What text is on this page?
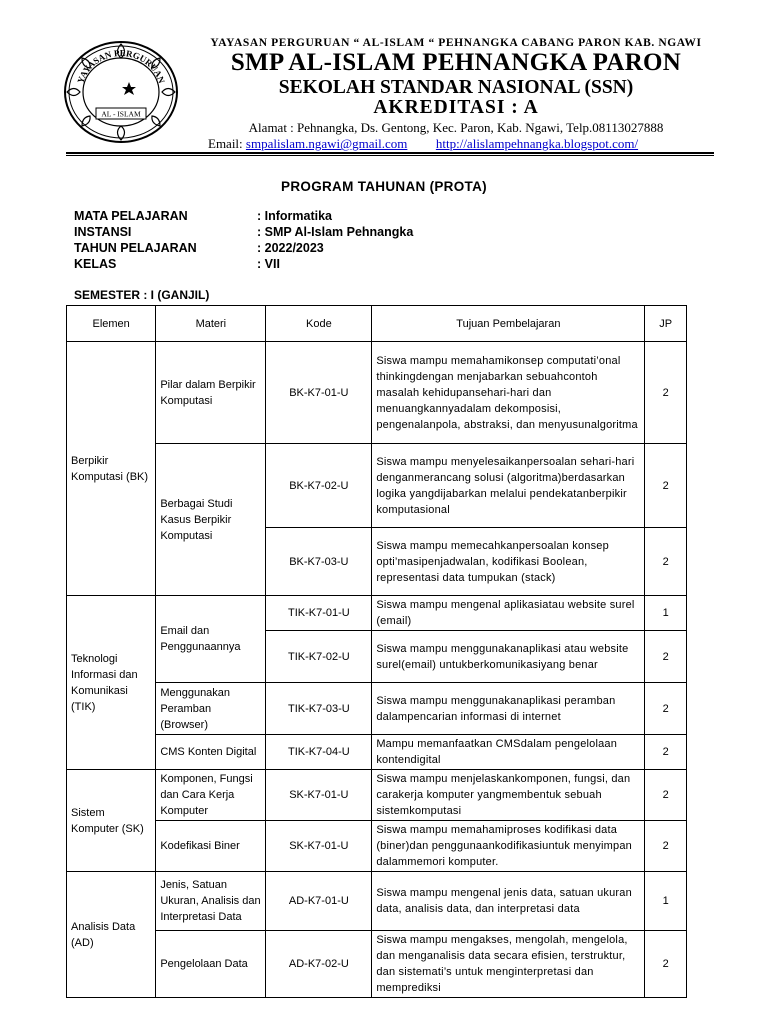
YAYASAN PERGURUAN
AL - ISLAM
YAYASAN PERGURUAN “ AL-ISLAM “ PEHNANGKA CABANG PARON KAB. NGAWI
SMP AL-ISLAM PEHNANGKA PARON
SEKOLAH STANDAR NASIONAL (SSN)
AKREDITASI : A
Alamat : Pehnangka, Ds. Gentong, Kec. Paron, Kab. Ngawi, Telp.08113027888
Email: smpalislam.ngawi@gmail.com http://alislampehnangka.blogspot.com/
PROGRAM TAHUNAN (PROTA)
MATA PELAJARAN	: Informatika
INSTANSI	: SMP Al-Islam Pehnangka
TAHUN PELAJARAN	: 2022/2023
KELAS	: VII
SEMESTER : I (GANJIL)
Elemen	Materi	Kode	Tujuan Pembelajaran	JP
Berpikir Komputasi (BK)	Pilar dalam Berpikir Komputasi	BK-K7-01-U	Siswa mampu memahamikonsep computati’onal thinkingdengan menjabarkan sebuahcontoh masalah kehidupansehari-hari dan menuangkannyadalam dekomposisi, pengenalanpola, abstraksi, dan menyusunalgoritma	2
	Berbagai Studi Kasus Berpikir Komputasi	BK-K7-02-U	Siswa mampu menyelesaikanpersoalan sehari-hari denganmerancang solusi (algoritma)berdasarkan logika yangdijabarkan melalui pendekatanberpikir komputasional	2
		BK-K7-03-U	Siswa mampu memecahkanpersoalan konsep opti’masipenjadwalan, kodifikasi Boolean, representasi data tumpukan (stack)	2
Teknologi Informasi dan Komunikasi (TIK)	Email dan Penggunaannya	TIK-K7-01-U	Siswa mampu mengenal aplikasiatau website surel (email)	1
		TIK-K7-02-U	Siswa mampu menggunakanaplikasi atau website surel(email) untukberkomunikasiyang benar	2
	Menggunakan Peramban (Browser)	TIK-K7-03-U	Siswa mampu menggunakanaplikasi peramban dalampencarian informasi di internet	2
	CMS Konten Digital	TIK-K7-04-U	Mampu memanfaatkan CMSdalam pengelolaan kontendigital	2
Sistem Komputer (SK)	Komponen, Fungsi dan Cara Kerja Komputer	SK-K7-01-U	Siswa mampu menjelaskankomponen, fungsi, dan carakerja komputer yangmembentuk sebuah sistemkomputasi	2
	Kodefikasi Biner	SK-K7-01-U	Siswa mampu memahamiproses kodifikasi data (biner)dan penggunaankodifikasiuntuk menyimpan dalammemori komputer.	2
Analisis Data (AD)	Jenis, Satuan Ukuran, Analisis dan Interpretasi Data	AD-K7-01-U	Siswa mampu mengenal jenis data, satuan ukuran data, analisis data, dan interpretasi data	1
	Pengelolaan Data	AD-K7-02-U	Siswa mampu mengakses, mengolah, mengelola, dan menganalisis data secara efisien, terstruktur, dan sistemati’s untuk menginterpretasi dan memprediksi	2
